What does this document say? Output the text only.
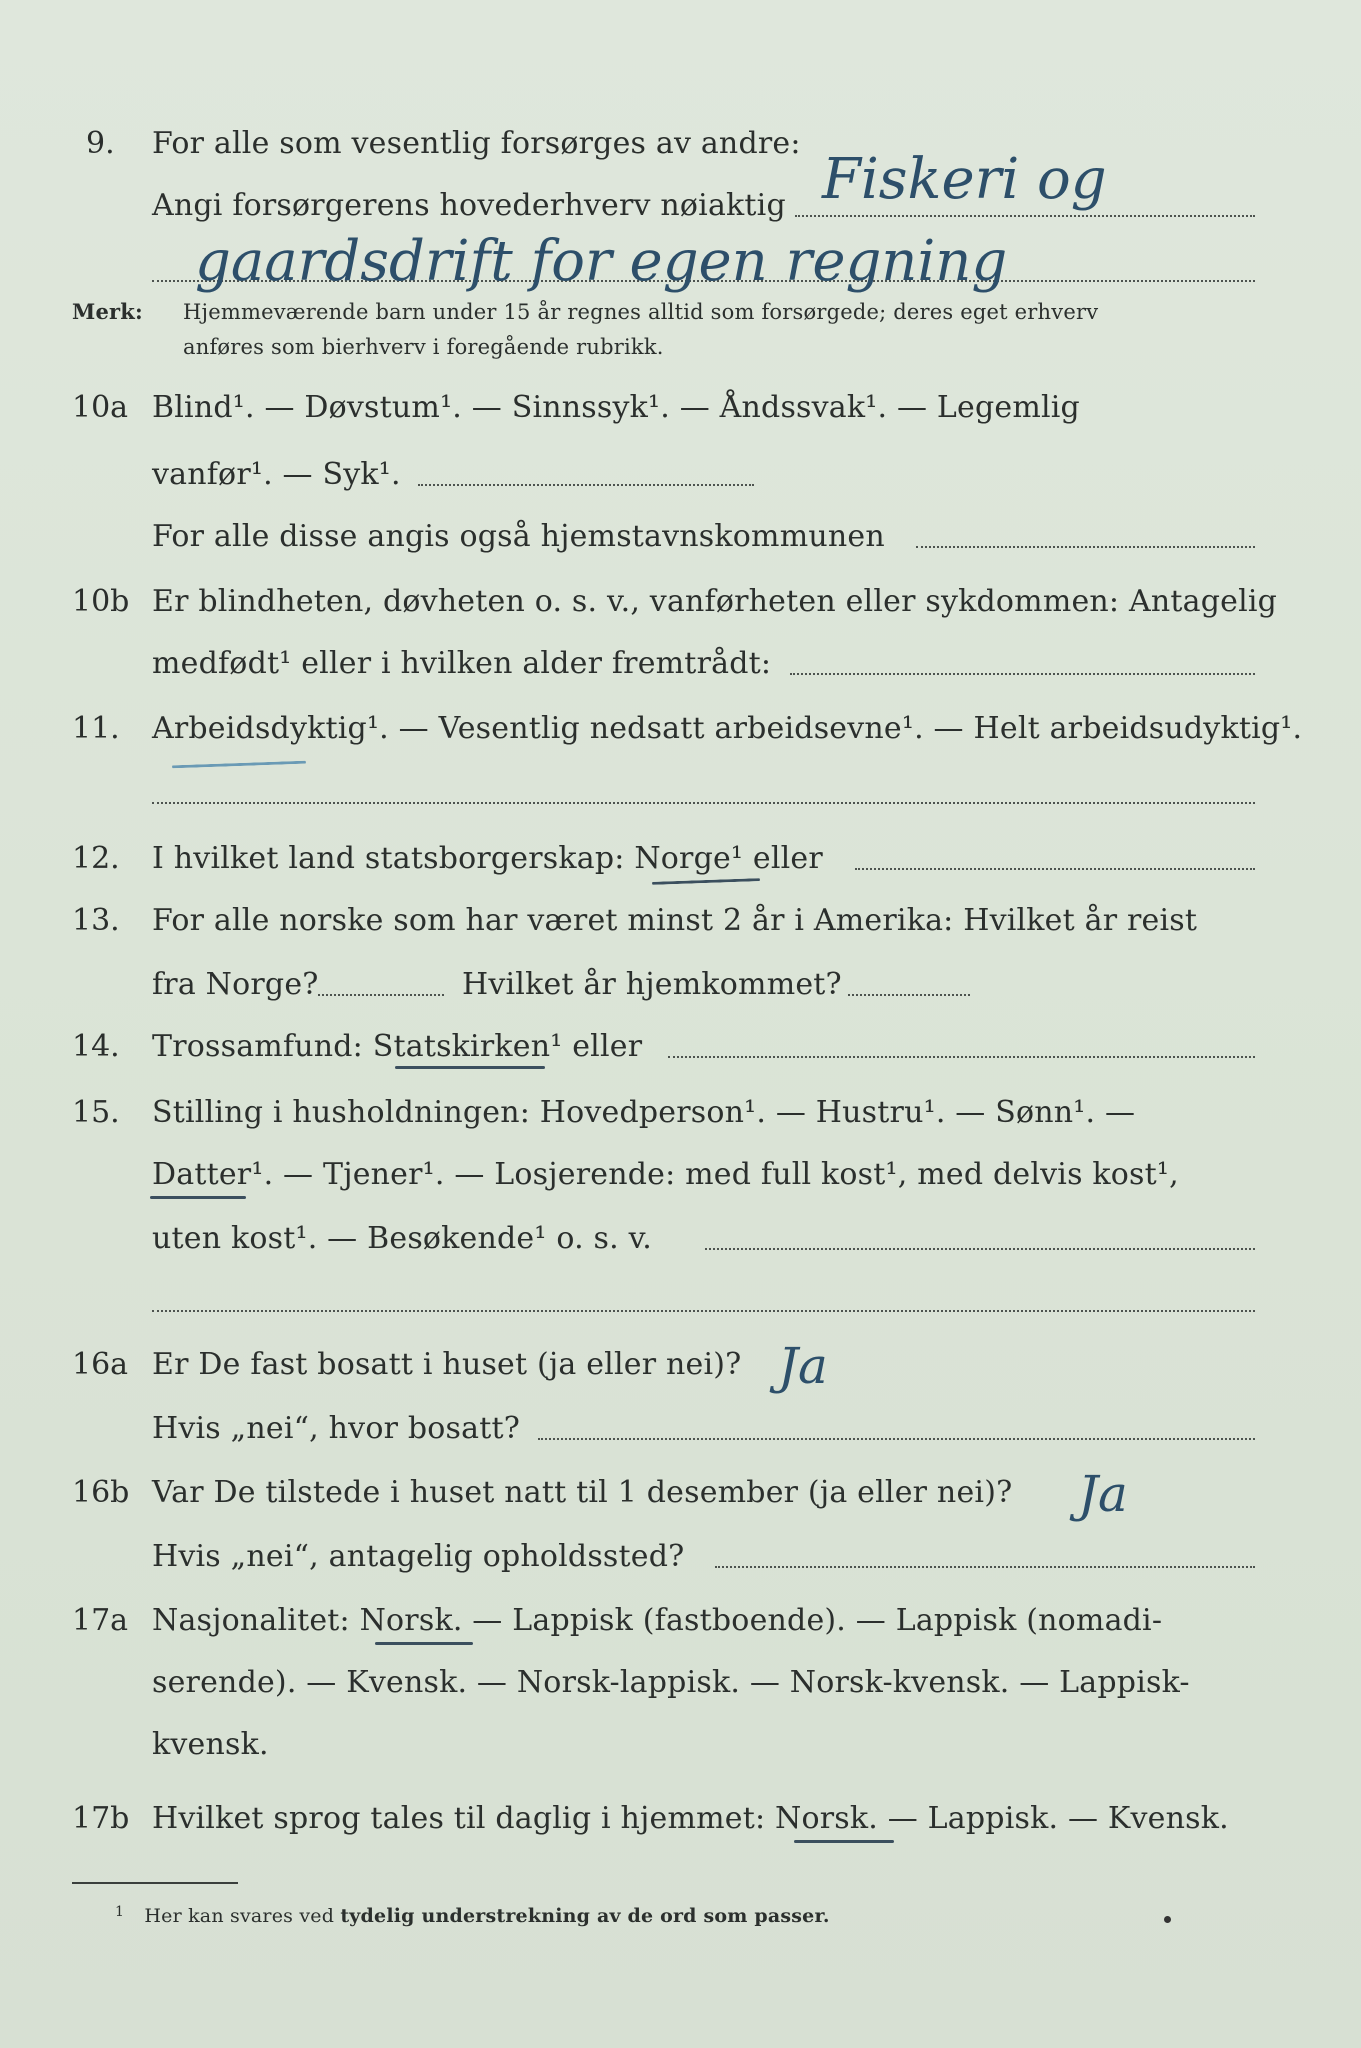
9. For alle som vesentlig forsørges av andre:
Angi forsørgerens hovederhverv nøiaktig Fiskeri og
gaardsdrift for egen regning
Merk: Hjemmeværende barn under 15 år regnes alltid som forsørgede; deres eget erhverv
anføres som bierhverv i foregående rubrikk.
10a Blind¹. — Døvstum¹. — Sinnssyk¹. — Åndssvak¹. — Legemlig
vanfør¹. — Syk¹.
For alle disse angis også hjemstavnskommunen
10b Er blindheten, døvheten o. s. v., vanførheten eller sykdommen: Antagelig
medfødt¹ eller i hvilken alder fremtrådt:
11. Arbeidsdyktig¹. — Vesentlig nedsatt arbeidsevne¹. — Helt arbeidsudyktig¹.
12. I hvilket land statsborgerskap: Norge¹ eller
13. For alle norske som har været minst 2 år i Amerika: Hvilket år reist
fra Norge?	Hvilket år hjemkommet?
14. Trossamfund: Statskirken¹ eller
15. Stilling i husholdningen: Hovedperson¹. — Hustru¹. — Sønn¹. —
Datter¹. — Tjener¹. — Losjerende: med full kost¹, med delvis kost¹,
uten kost¹. — Besøkende¹ o. s. v.
16a Er De fast bosatt i huset (ja eller nei)? Ja
Hvis „nei“, hvor bosatt?
16b Var De tilstede i huset natt til 1 desember (ja eller nei)? Ja
Hvis „nei“, antagelig opholdssted?
17a Nasjonalitet: Norsk. — Lappisk (fastboende). — Lappisk (nomadi-
serende). — Kvensk. — Norsk-lappisk. — Norsk-kvensk. — Lappisk-
kvensk.
17b Hvilket sprog tales til daglig i hjemmet: Norsk. — Lappisk. — Kvensk.
$^1$ Her kan svares ved tydelig understrekning av de ord som passer.
